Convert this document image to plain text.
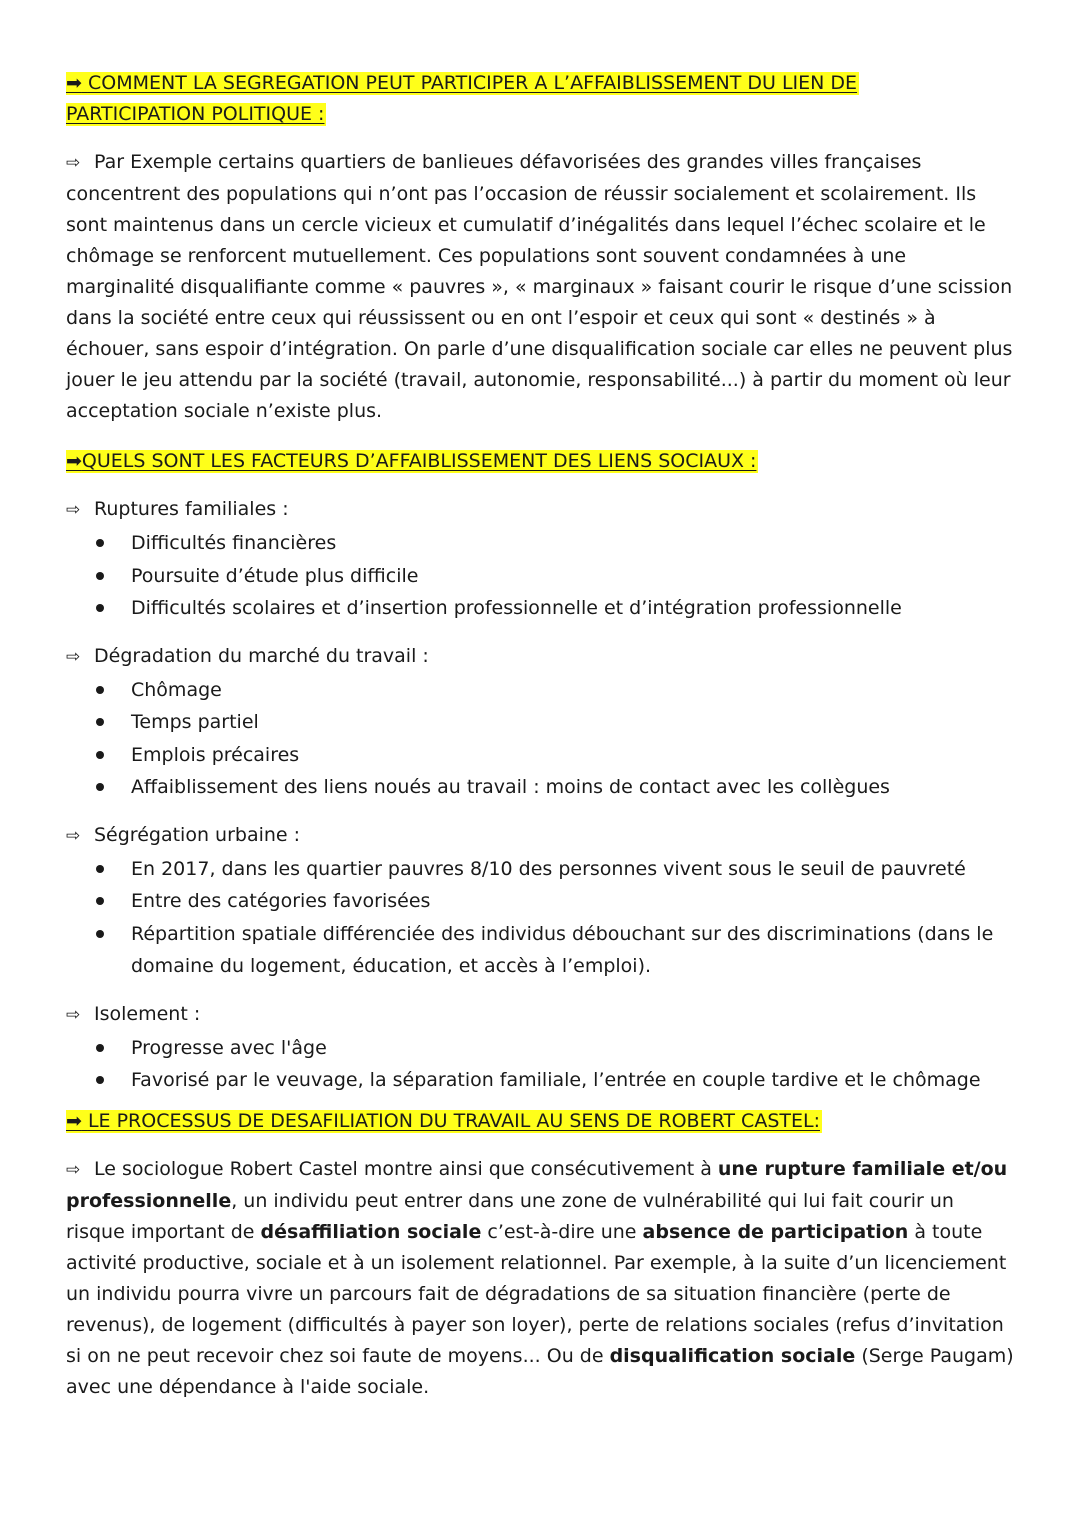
➡ COMMENT LA SEGREGATION PEUT PARTICIPER A L’AFFAIBLISSEMENT DU LIEN DE
PARTICIPATION POLITIQUE :

⇨ Par Exemple certains quartiers de banlieues défavorisées des grandes villes françaises concentrent des populations qui n’ont pas l’occasion de réussir socialement et scolairement. Ils sont maintenus dans un cercle vicieux et cumulatif d’inégalités dans lequel l’échec scolaire et le chômage se renforcent mutuellement. Ces populations sont souvent condamnées à une marginalité disqualifiante comme « pauvres », « marginaux » faisant courir le risque d’une scission dans la société entre ceux qui réussissent ou en ont l’espoir et ceux qui sont « destinés » à échouer, sans espoir d’intégration. On parle d’une disqualification sociale car elles ne peuvent plus jouer le jeu attendu par la société (travail, autonomie, responsabilité...) à partir du moment où leur acceptation sociale n’existe plus.

➡QUELS SONT LES FACTEURS D’AFFAIBLISSEMENT DES LIENS SOCIAUX :
⇨ Ruptures familiales :
Difficultés financières
Poursuite d’étude plus difficile
Difficultés scolaires et d’insertion professionnelle et d’intégration professionnelle
⇨ Dégradation du marché du travail :
Chômage
Temps partiel
Emplois précaires
Affaiblissement des liens noués au travail : moins de contact avec les collègues
⇨ Ségrégation urbaine :
En 2017, dans les quartier pauvres 8/10 des personnes vivent sous le seuil de pauvreté
Entre des catégories favorisées
Répartition spatiale différenciée des individus débouchant sur des discriminations (dans le domaine du logement, éducation, et accès à l’emploi).
⇨ Isolement :
Progresse avec l'âge
Favorisé par le veuvage, la séparation familiale, l’entrée en couple tardive et le chômage
➡ LE PROCESSUS DE DESAFILIATION DU TRAVAIL AU SENS DE ROBERT CASTEL:

⇨ Le sociologue Robert Castel montre ainsi que consécutivement à une rupture familiale et/ou professionnelle, un individu peut entrer dans une zone de vulnérabilité qui lui fait courir un risque important de désaffiliation sociale c’est-à-dire une absence de participation à toute activité productive, sociale et à un isolement relationnel. Par exemple, à la suite d’un licenciement un individu pourra vivre un parcours fait de dégradations de sa situation financière (perte de revenus), de logement (difficultés à payer son loyer), perte de relations sociales (refus d’invitation si on ne peut recevoir chez soi faute de moyens... Ou de disqualification sociale (Serge Paugam) avec une dépendance à l'aide sociale.
